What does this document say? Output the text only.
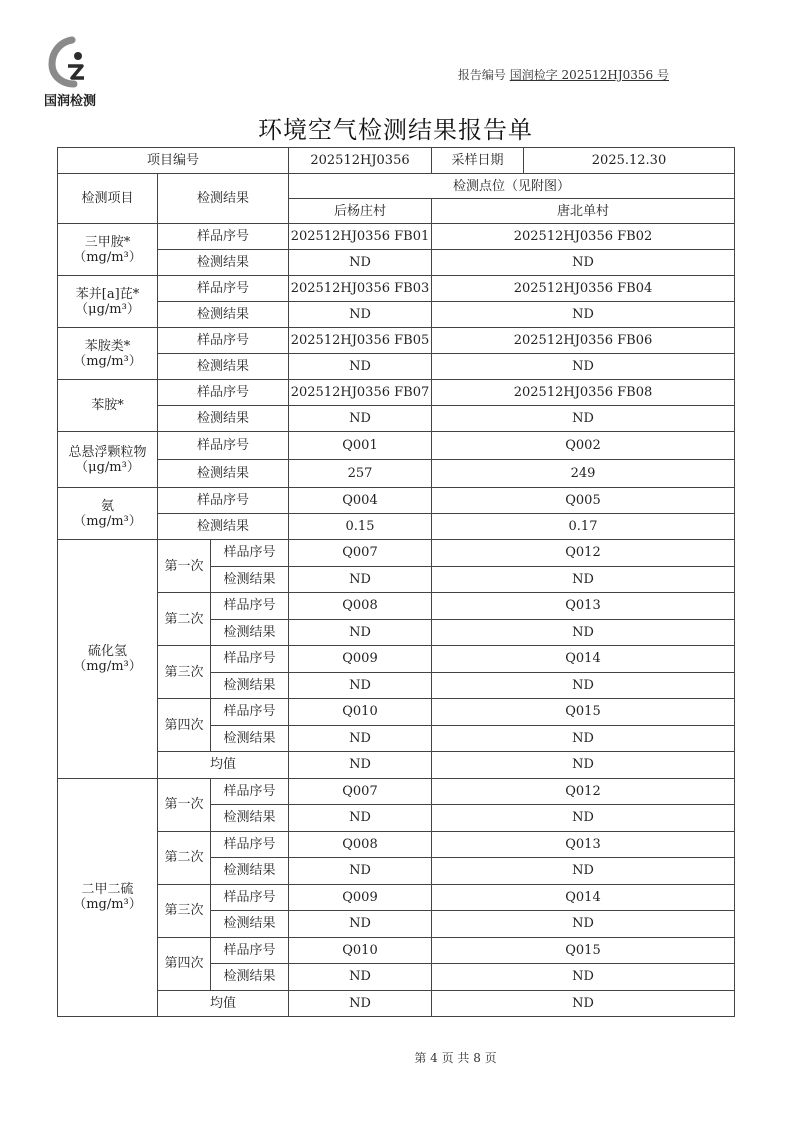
国润检测
报告编号 国润检字 202512HJ0356 号
环境空气检测结果报告单
项目编号			202512HJ0356	采样日期	2025.12.30
检测项目	检测结果		检测点位（见附图）		
			后杨庄村	唐北单村	

三甲胺*
（mg/m³）	样品序号		202512HJ0356 FB01	202512HJ0356 FB02	
	检测结果		ND	ND	

苯并[a]芘*
（μg/m³）	样品序号		202512HJ0356 FB03	202512HJ0356 FB04	
	检测结果		ND	ND	

苯胺类*
（mg/m³）	样品序号		202512HJ0356 FB05	202512HJ0356 FB06	
	检测结果		ND	ND	

苯胺*	样品序号		202512HJ0356 FB07	202512HJ0356 FB08	
	检测结果		ND	ND	

总悬浮颗粒物
（μg/m³）	样品序号		Q001	Q002	
	检测结果		257	249	

氨
（mg/m³）	样品序号		Q004	Q005	
	检测结果		0.15	0.17	

硫化氢
（mg/m³）	第一次	样品序号	Q007	Q012	
		检测结果	ND	ND	
	第二次	样品序号	Q008	Q013	
		检测结果	ND	ND	
	第三次	样品序号	Q009	Q014	
		检测结果	ND	ND	
	第四次	样品序号	Q010	Q015	
		检测结果	ND	ND	
	均值		ND	ND	

二甲二硫
（mg/m³）	第一次	样品序号	Q007	Q012	
		检测结果	ND	ND	
	第二次	样品序号	Q008	Q013	
		检测结果	ND	ND	
	第三次	样品序号	Q009	Q014	
		检测结果	ND	ND	
	第四次	样品序号	Q010	Q015	
		检测结果	ND	ND	
	均值		ND	ND	
第 4 页 共 8 页
